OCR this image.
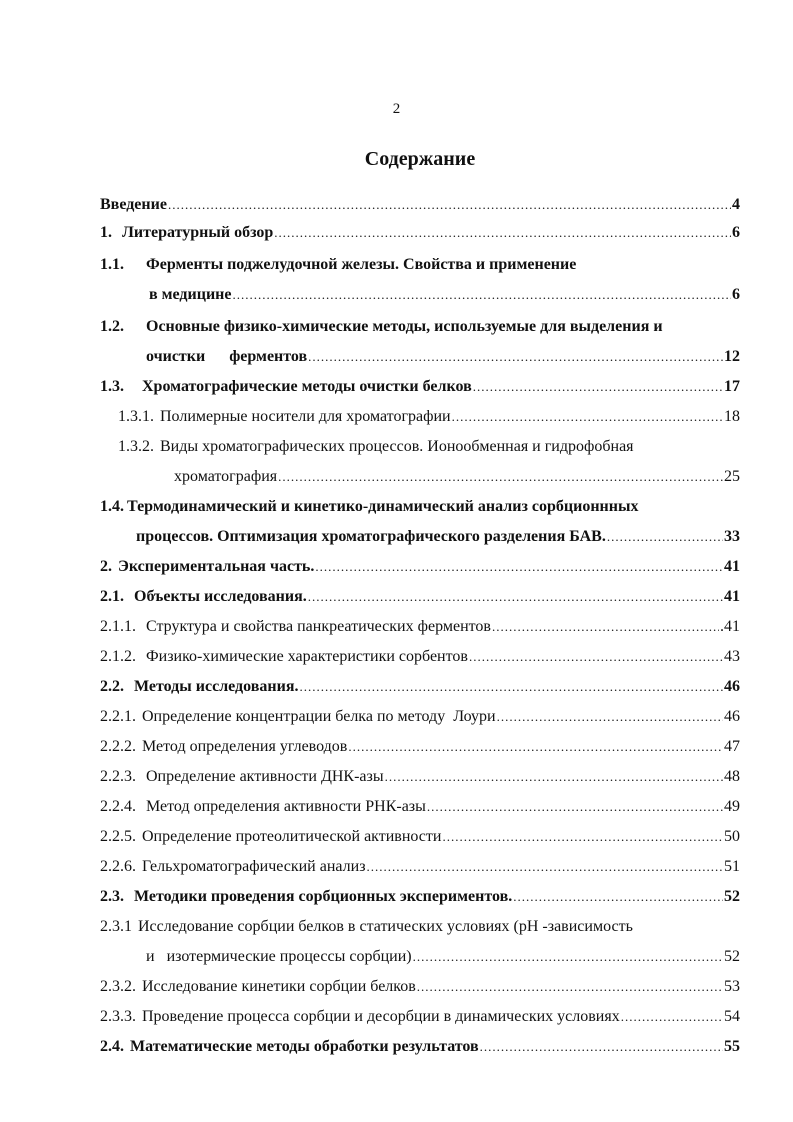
2
Содержание
Введение .....	4
1. Литературный обзор .....	6
1.1. Ферменты поджелудочной железы. Свойства и применение
в медицине .....	6
1.2. Основные физико-химические методы, используемые для выделения и
очистки      ферментов .....	12
1.3. Хроматографические методы очистки белков .....	17
1.3.1. Полимерные носители для хроматографии .....	18
1.3.2. Виды хроматографических процессов. Ионообменная и гидрофобная
хроматография .....	25
1.4. Термодинамический и кинетико-динамический анализ сорбционнных
процессов. Оптимизация хроматографического разделения БАВ. .....	33
2. Экспериментальная часть. .....	41
2.1. Объекты исследования. .....	41
2.1.1. Структура и свойства панкреатических ферментов .....	.41
2.1.2. Физико-химические характеристики сорбентов .....	43
2.2. Методы исследования. .....	46
2.2.1. Определение концентрации белка по методу  Лоури .....	46
2.2.2. Метод определения углеводов .....	47
2.2.3. Определение активности ДНК-азы .....	48
2.2.4. Метод определения активности РНК-азы .....	49
2.2.5. Определение протеолитической активности .....	50
2.2.6. Гельхроматографический анализ .....	51
2.3. Методики проведения сорбционных экспериментов. .....	52
2.3.1 Исследование сорбции белков в статических условиях (pH -зависимость
и   изотермические процессы сорбции) .....	52
2.3.2. Исследование кинетики сорбции белков .....	53
2.3.3. Проведение процесса сорбции и десорбции в динамических условиях .....	54
2.4. Математические методы обработки результатов .....	55
